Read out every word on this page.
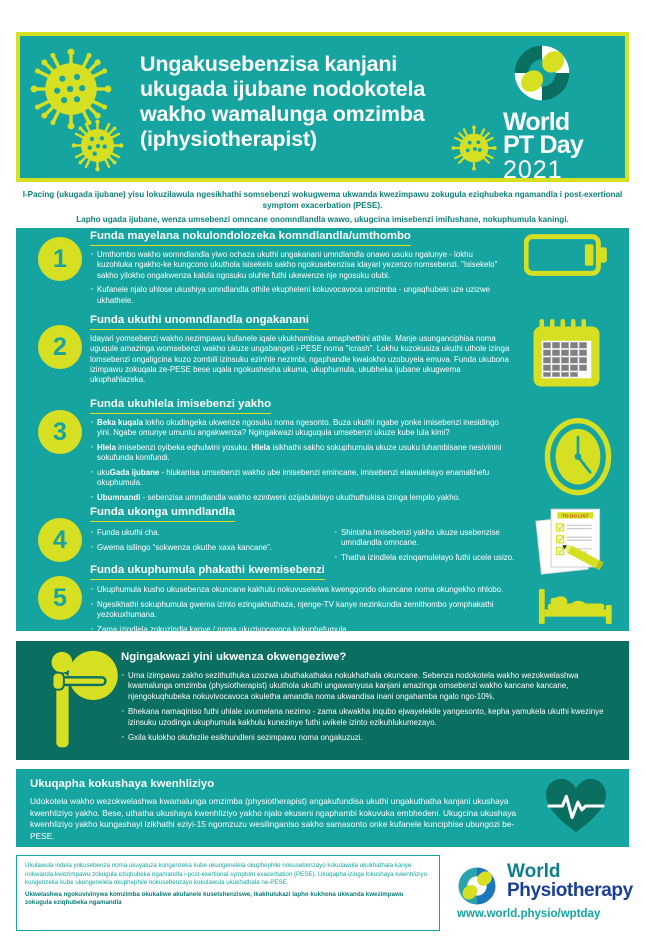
Ungakusebenzisa kanjani ukugada ijubane nodokotela wakho wamalunga omzimba (iphysiotherapist)
World
PT Day
2021

I-Pacing (ukugada ijubane) yisu lokuzilawula ngesikhathi somsebenzi wokugwema ukwanda kwezimpawu zokugula eziqhubeka ngamandla i post-exertional symptom exacerbation (PESE).

Lapho ugada ijubane, wenza umsebenzi omncane onomndlandla wawo, ukugcina imisebenzi imifushane, nokuphumula kaningi.

1
Funda mayelana nokulondolozeka komndlandla/umthombo
· Umthombo wakho womndlandla yiwo ochaza ukuthi ungakanani umndlandla onawo usuku ngalunye - lokhu kuzohluka ngakho-ke kungcono ukuthola isisekelo sakho ngokusebenzisa idayari yezenzo nomsebenzi. "Isisekelo" sakho yilokho ongakwenza kalula ngosuku oluhle futhi ukewenze nje ngosuku olubi.
· Kufanele njalo uhlose ukushiya umndlandla othile ekupheleni kokuvocavoca umzimba - ungaqhubeki uze uzizwe ukhathele.
2
Funda ukuthi unomndlandla ongakanani
Idayari yomsebenzi wakho nezimpawu kufanele iqale ukukhombisa amaphethini athile. Manje usunganciphisa noma uguqule amazinga womsebenzi wakho ukuze ungabangeli i-PESE noma "icrash". Lokhu kuzokusiza ukuthi uthole izinga lomsebenzi ongaligcina kuzo zombili izinsuku ezinhle nezimbi, ngaphandle kwalokho uzobuyela emuva. Funda ukubona izimpawu zokuqala ze-PESE bese uqala ngokushesha ukuma, ukuphumula, ukubheka ijubane ukugwema ukuphahlazeka.
3
Funda ukuhlela imisebenzi yakho
· Beka kuqala lokho okudingeka ukwenze ngosuku noma ngesonto. Buza ukuthi ngabe yonke imisebenzi inesidingo yini. Ngabe omunye umuntu angakwenza? Ngingakwazi ukuguqula umsebenzi ukuze kube lula kimi?
· Hlela imisebenzi oyibeka eqhulwini yosuku. Hlela isikhathi sakho sokuphumula ukuze usuku luhambisane nesivinini sokufunda komfundi.
· ukuGada ijubane - hlukanisa umsebenzi wakho ube imisebenzi emincane, imisebenzi elawulekayo enamakhefu okuphumula.
· Ubumnandi - sebenzisa umndlandla wakho ezintweni ozijabulelayo ukuthuthukisa izinga lempilo yakho.
4
Funda ukonga umndlandla
· Funda ukuthi cha.
· Gwema isilingo “sokwenza okuthe xaxa kancane”.
· Shintsha imisebenzi yakho ukuze usebenzise umndlandla omncane.
· Thatha izindlela ezinqamulelayo futhi ucele usizo.
TO DO LIST
5
Funda ukuphumula phakathi kwemisebenzi
· Ukuphumula kusho ukusebenza okuncane kakhulu nokuvuselelwa kwengqondo okuncane noma okungekho nhlobo.
· Ngesikhathi sokuphumula gwema izinto ezingakhuthaza, njenge-TV kanye nezinkundla zemithombo yomphakathi yezokuxhumana.
· Zama izindlela zokuzindla kanye / noma ukuzivocavoca kokuphefumula.
Ngingakwazi yini ukwenza okwengeziwe?
· Uma izimpawu zakho sezithuthuka uzozwa ubuthakathaka nokukhathala okuncane. Sebenza nodokotela wakho wezokwelashwa kwamalunga omzimba (physiotherapist) ukuthola ukuthi ungawanyusa kanjani amazinga omsebenzi wakho kancane kancane, njengokuqhubeka nokuvivocavoca okuletha amandla noma ukwandisa inani ongahamba ngalo ngo-10%.
· Bhekana namaqiniso futhi uhlale uvumelana nezimo - zama ukwakha inqubo ejwayelekile yangesonto, kepha yamukela ukuthi kwezinye izinsuku uzodinga ukuphumula kakhulu kunezinye futhi uvikele izinto ezikuhlukumezayo.
· Gxila kulokho okufezile esikhundleni sezimpawu noma ongakuzuzi.
Ukuqapha kokushaya kwenhliziyo
Udokotela wakho wezokwelashwa kwamalunga omzimba (physiotherapist) angakufundisa ukuthi ungakuthatha kanjani ukushaya kwenhliziyo yakho. Bese, uthatha ukushaya kwenhliziyo yakho njalo ekuseni ngaphambi kokuvuka embhedeni. Ukugcina ukushaya kwenhliziyo yakho kungashayi izikhathi eziyi-15 ngomzuzu wesilinganiso sakho samasonto onke kufanele kunciphise ubungozi be-PESE.
Ukulawula indela yokusebenza noma ukuyaluza kungenzeka kube ukungenelela okuphephile nokusebenzayo kokulawula ukukhathala kanye nokwanda kwezimpawu zokugula eziqhubeka ngamandla i-post-exertional symptom exacerbation (PESE). Ukuqapha izinga lokushaya kwenhliziyo kungenzeka kube ukungenelela okuphephile nokusebenzayo kokulawula ukukhathala ne-PESE.
Ukwelashwa ngokuvivinywa komzimba okukaliwe akufanele kusetshenziswe, ikakhulukazi lapho kukhona ukwanda kwezimpawu zokugula eziqhubeka ngamandla
World
Physiotherapy
www.world.physio/wptday
